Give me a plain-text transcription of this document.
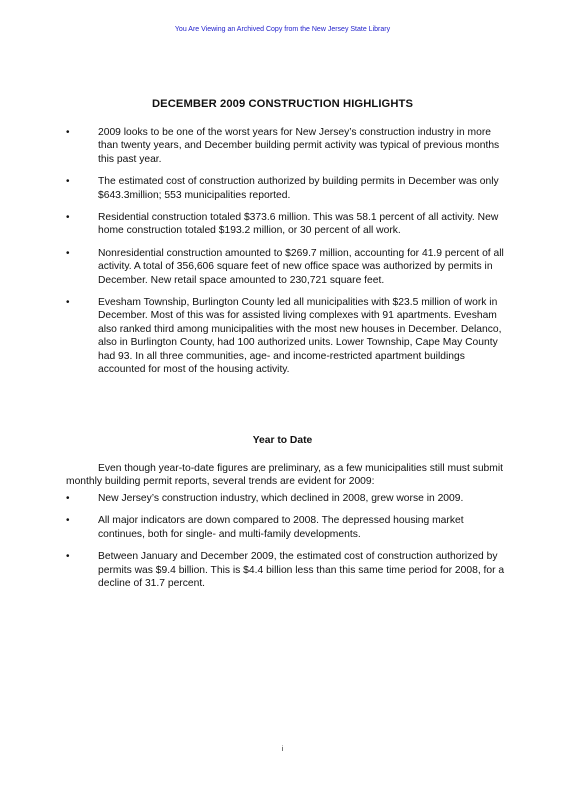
You Are Viewing an Archived Copy from the New Jersey State Library
DECEMBER 2009 CONSTRUCTION HIGHLIGHTS
•	2009 looks to be one of the worst years for New Jersey’s construction industry in more than twenty years, and December building permit activity was typical of previous months this past year.
•	The estimated cost of construction authorized by building permits in December was only $643.3million; 553 municipalities reported.
•	Residential construction totaled $373.6 million. This was 58.1 percent of all activity. New home construction totaled $193.2 million, or 30 percent of all work.
•	Nonresidential construction amounted to $269.7 million, accounting for 41.9 percent of all activity. A total of 356,606 square feet of new office space was authorized by permits in December. New retail space amounted to 230,721 square feet.
•	Evesham Township, Burlington County led all municipalities with $23.5 million of work in December. Most of this was for assisted living complexes with 91 apartments. Evesham also ranked third among municipalities with the most new houses in December. Delanco, also in Burlington County, had 100 authorized units. Lower Township, Cape May County had 93. In all three communities, age- and income-restricted apartment buildings accounted for most of the housing activity.
Year to Date

Even though year-to-date figures are preliminary, as a few municipalities still must submit monthly building permit reports, several trends are evident for 2009:

•	New Jersey’s construction industry, which declined in 2008, grew worse in 2009.
•	All major indicators are down compared to 2008. The depressed housing market continues, both for single- and multi-family developments.
•	Between January and December 2009, the estimated cost of construction authorized by permits was $9.4 billion. This is $4.4 billion less than this same time period for 2008, for a decline of 31.7 percent.
i
